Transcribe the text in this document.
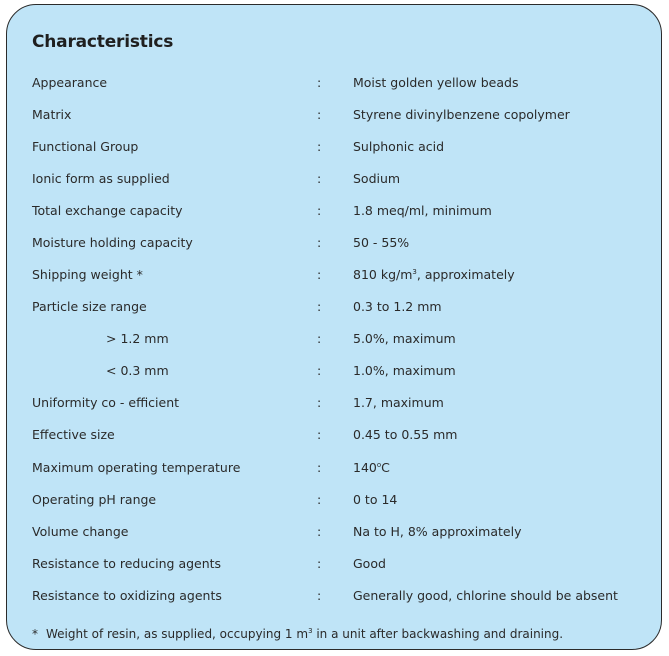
Characteristics
Appearance	:	Moist golden yellow beads
Matrix	:	Styrene divinylbenzene copolymer
Functional Group	:	Sulphonic acid
Ionic form as supplied	:	Sodium
Total exchange capacity	:	1.8 meq/ml, minimum
Moisture holding capacity	:	50 - 55%
Shipping weight *	:	810 $kg/m^3$, approximately
Particle size range	:	0.3 to 1.2 mm
> 1.2 mm	:	5.0%, maximum
< 0.3 mm	:	1.0%, maximum
Uniformity co - efficient	:	1.7, maximum
Effective size	:	0.45 to 0.55 mm
Maximum operating temperature	:	140$^o$C
Operating pH range	:	0 to 14
Volume change	:	Na to H, 8% approximately
Resistance to reducing agents	:	Good
Resistance to oxidizing agents	:	Generally good, chlorine should be absent
* Weight of resin, as supplied, occupying 1 $m^3$ in a unit after backwashing and draining.
